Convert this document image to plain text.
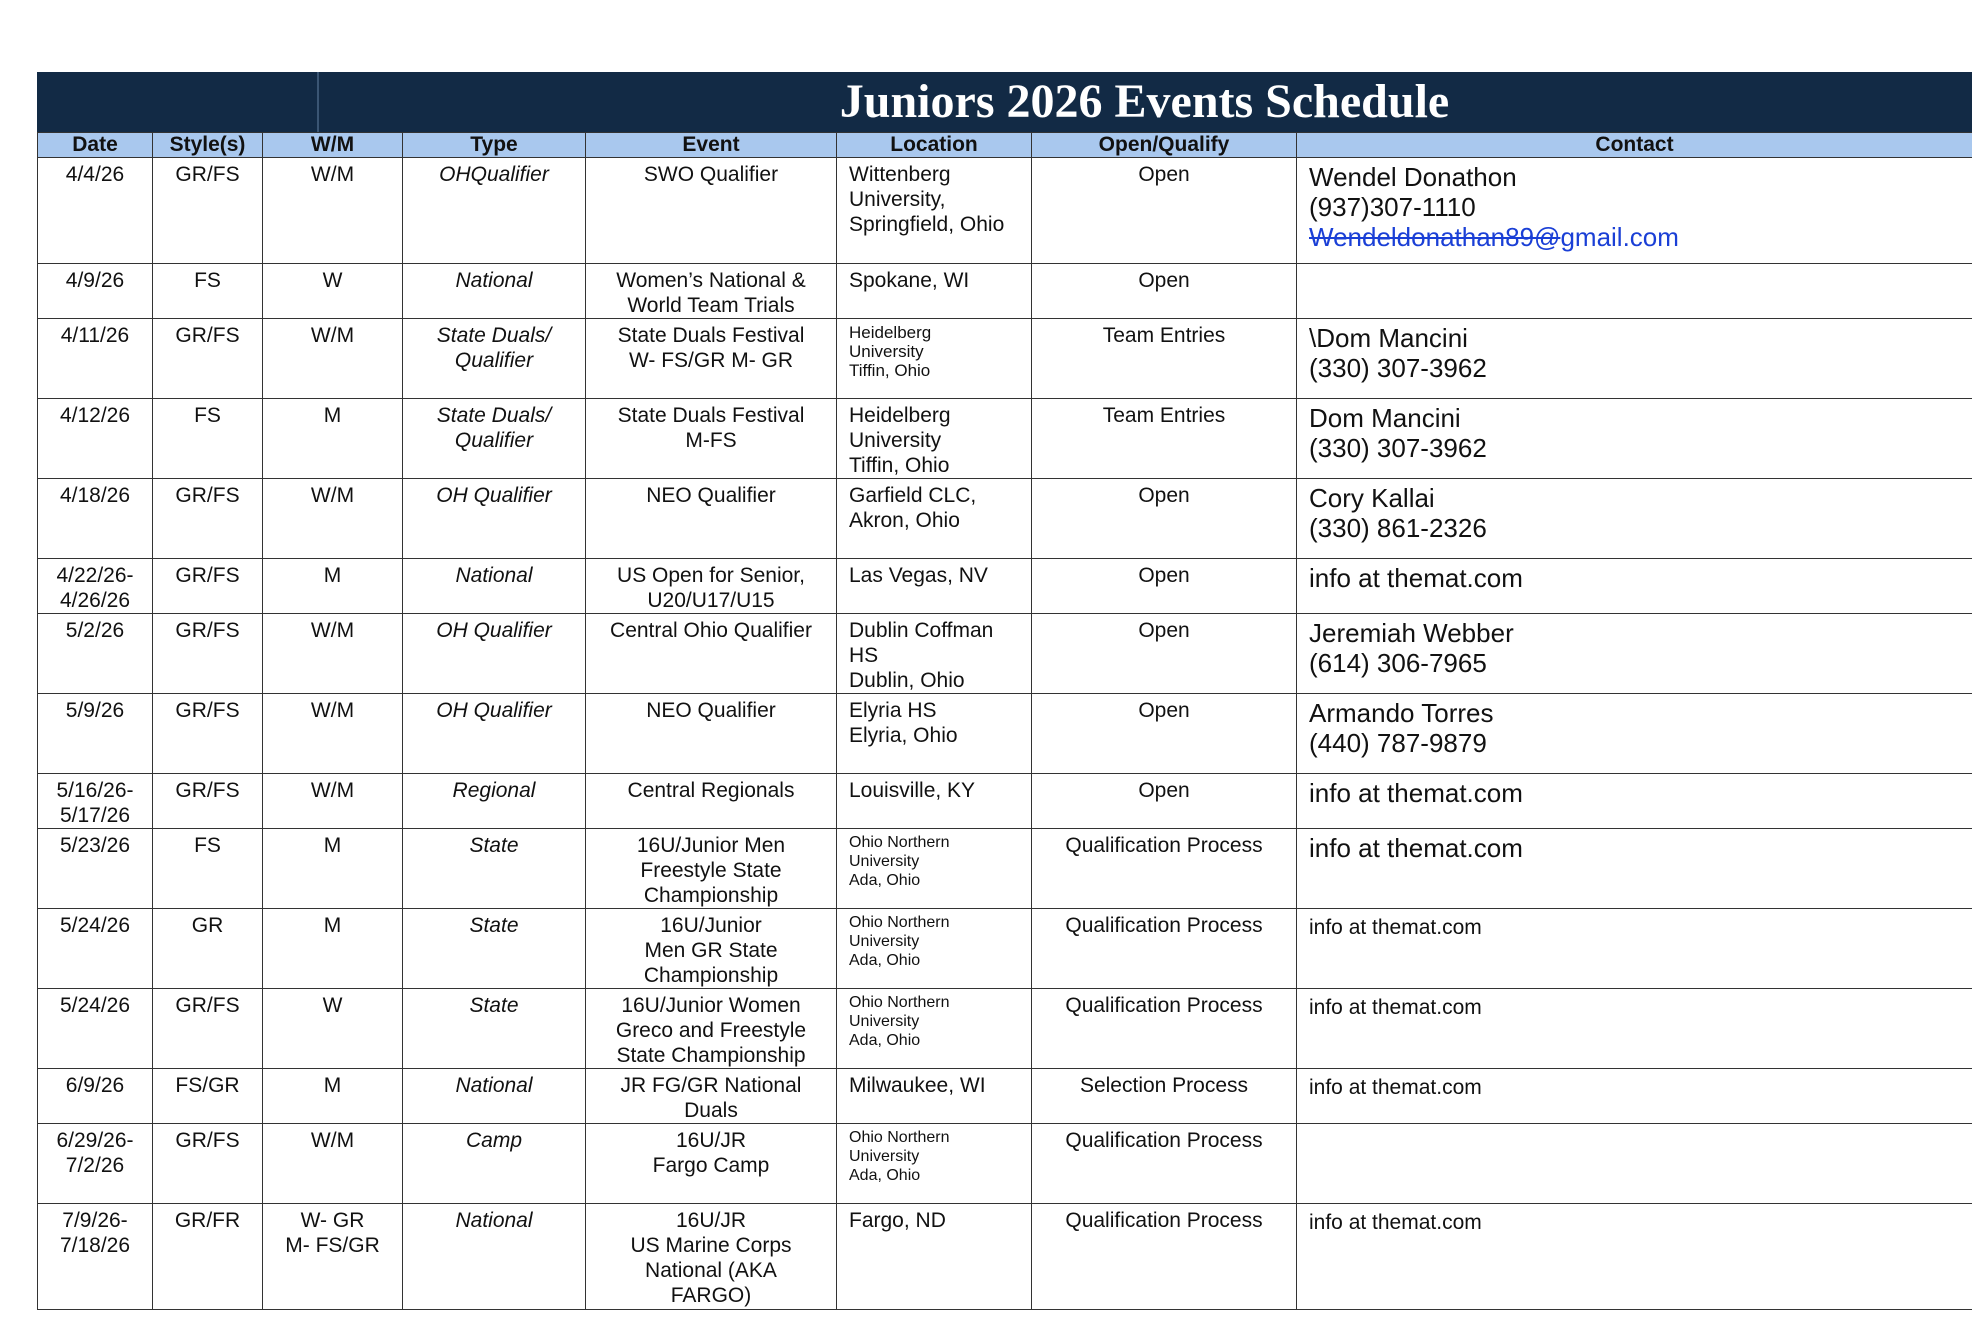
Juniors 2026 Events Schedule
Date	Style(s)	W/M	Type	Event	Location	Open/Qualify	Contact

4/4/26	GR/FS	W/M	OHQualifier	SWO Qualifier	Wittenberg
University,
Springfield, Ohio	Open	Wendel Donathon
(937)307-1110
Wendeldonathan89@gmail.com

4/9/26	FS	W	National	Women’s National &
World Team Trials	Spokane, WI	Open	

4/11/26	GR/FS	W/M	State Duals/
Qualifier	State Duals Festival
W- FS/GR M- GR	Heidelberg
University
Tiffin, Ohio	Team Entries	\Dom Mancini
(330) 307-3962

4/12/26	FS	M	State Duals/
Qualifier	State Duals Festival
M-FS	Heidelberg
University
Tiffin, Ohio	Team Entries	Dom Mancini
(330) 307-3962

4/18/26	GR/FS	W/M	OH Qualifier	NEO Qualifier	Garfield CLC,
Akron, Ohio	Open	Cory Kallai
(330) 861-2326

4/22/26-
4/26/26	GR/FS	M	National	US Open for Senior,
U20/U17/U15	Las Vegas, NV	Open	info at themat.com

5/2/26	GR/FS	W/M	OH Qualifier	Central Ohio Qualifier	Dublin Coffman
HS
Dublin, Ohio	Open	Jeremiah Webber
(614) 306-7965

5/9/26	GR/FS	W/M	OH Qualifier	NEO Qualifier	Elyria HS
Elyria, Ohio	Open	Armando Torres
(440) 787-9879

5/16/26-
5/17/26	GR/FS	W/M	Regional	Central Regionals	Louisville, KY	Open	info at themat.com

5/23/26	FS	M	State	16U/Junior Men
Freestyle State
Championship	Ohio Northern
University
Ada, Ohio	Qualification Process	info at themat.com

5/24/26	GR	M	State	16U/Junior
Men GR State
Championship	Ohio Northern
University
Ada, Ohio	Qualification Process	info at themat.com

5/24/26	GR/FS	W	State	16U/Junior Women
Greco and Freestyle
State Championship	Ohio Northern
University
Ada, Ohio	Qualification Process	info at themat.com

6/9/26	FS/GR	M	National	JR FG/GR National
Duals	Milwaukee, WI	Selection Process	info at themat.com

6/29/26-
7/2/26	GR/FS	W/M	Camp	16U/JR
Fargo Camp	Ohio Northern
University
Ada, Ohio	Qualification Process	

7/9/26-
7/18/26	GR/FR	W- GR
M- FS/GR	National	16U/JR
US Marine Corps
National (AKA
FARGO)	Fargo, ND	Qualification Process	info at themat.com
